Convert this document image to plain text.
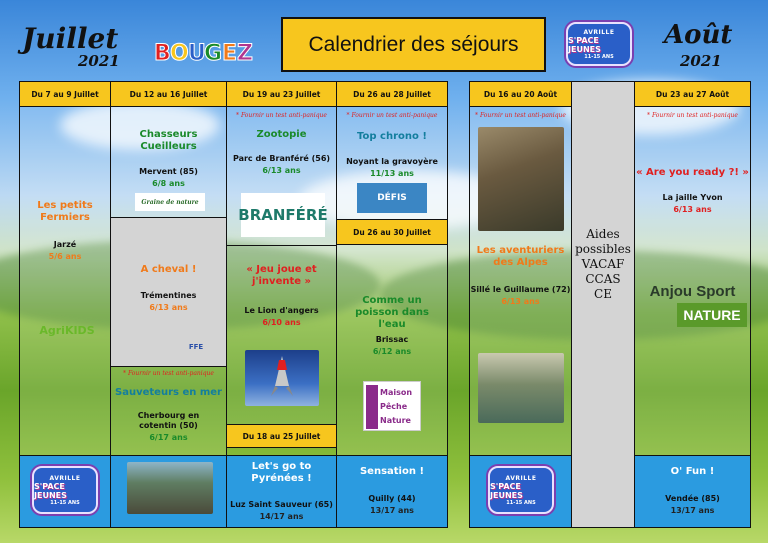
Juillet
2021 B O U
G E Z	Calendrier des séjours
AVRILLE
S'PACE JEUNES
11-15 ANS
Août
2021
Du 7 au 9 Juillet
Les petits Fermiers
Jarzé
5/6 ans
AgriKIDS
AVRILLE
S'PACE JEUNES
11-15 ANS
Du 12 au 16 Juillet
Chasseurs Cueilleurs
Mervent (85)
6/8 ans
Graine de nature
A cheval !
Trémentines
6/13 ans
FFE
* Fournir un test anti-panique
Sauveteurs en mer
Cherbourg en cotentin (50)
6/17 ans
Du 19 au 23 Juillet
* Fournir un test anti-panique
Zootopie
Parc de Branféré (56)
6/13 ans
BRANFÉRÉ
« Jeu joue et j'invente »
Le Lion d'angers
6/10 ans
Du 18 au 25 Juillet
Let's go to Pyrénées !
Luz Saint Sauveur (65)
14/17 ans
Du 26 au 28 Juillet
* Fournir un test anti-panique
Top chrono !
Noyant la gravoyère
11/13 ans
DÉFIS
Du 26 au 30 Juillet
Comme un poisson dans l'eau
Brissac
6/12 ans
Maison
Pêche
Nature
Sensation !
Quilly (44)
13/17 ans
Du 16 au 20 Août
* Fournir un test anti-panique
Les aventuriers des Alpes
Sillé le Guillaume (72)
6/13 ans
AVRILLE
S'PACE JEUNES
11-15 ANS
Aides
possibles
VACAF
CCAS
CE
Du 23 au 27 Août
* Fournir un test anti-panique
« Are you ready ?! »
La jaille Yvon
6/13 ans
Anjou Sport
NATURE
O' Fun !
Vendée (85)
13/17 ans
